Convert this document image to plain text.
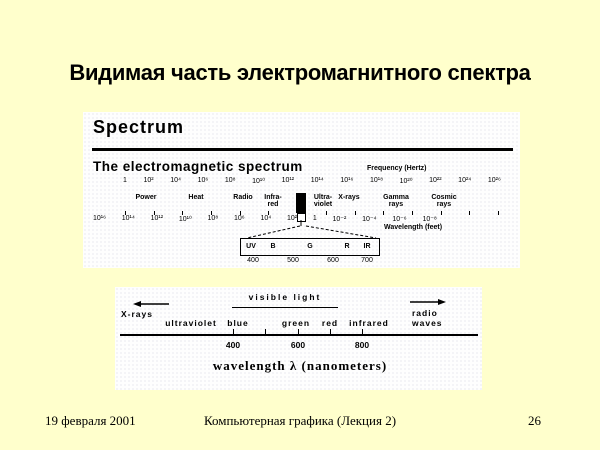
Видимая часть электромагнитного спектра
Spectrum
The electromagnetic spectrum	Frequency (Hertz)
1 10² 10⁴ 10⁶ 10⁸ 10¹⁰ 10¹² 10¹⁴ 10¹⁶ 10¹⁸ 10²⁰ 10²² 10²⁴ 10²⁶
Power	Heat	Radio	Infra-red
Ultra-violet
X-rays	Gamma rays
Cosmic rays
10¹⁶ 10¹⁴ 10¹² 10¹⁰ 10⁸ 10⁶ 10⁴ 10² 1 10⁻² 10⁻⁴ 10⁻⁶ 10⁻⁸
Wavelength (feet)
UV B	G	R IR
400	500	600	700
visible light
X-rays	radio
waves
ultraviolet blue	green red infrared
400	600	800
wavelength λ (nanometers)
19 февраля 2001	Компьютерная графика (Лекция 2)	26
